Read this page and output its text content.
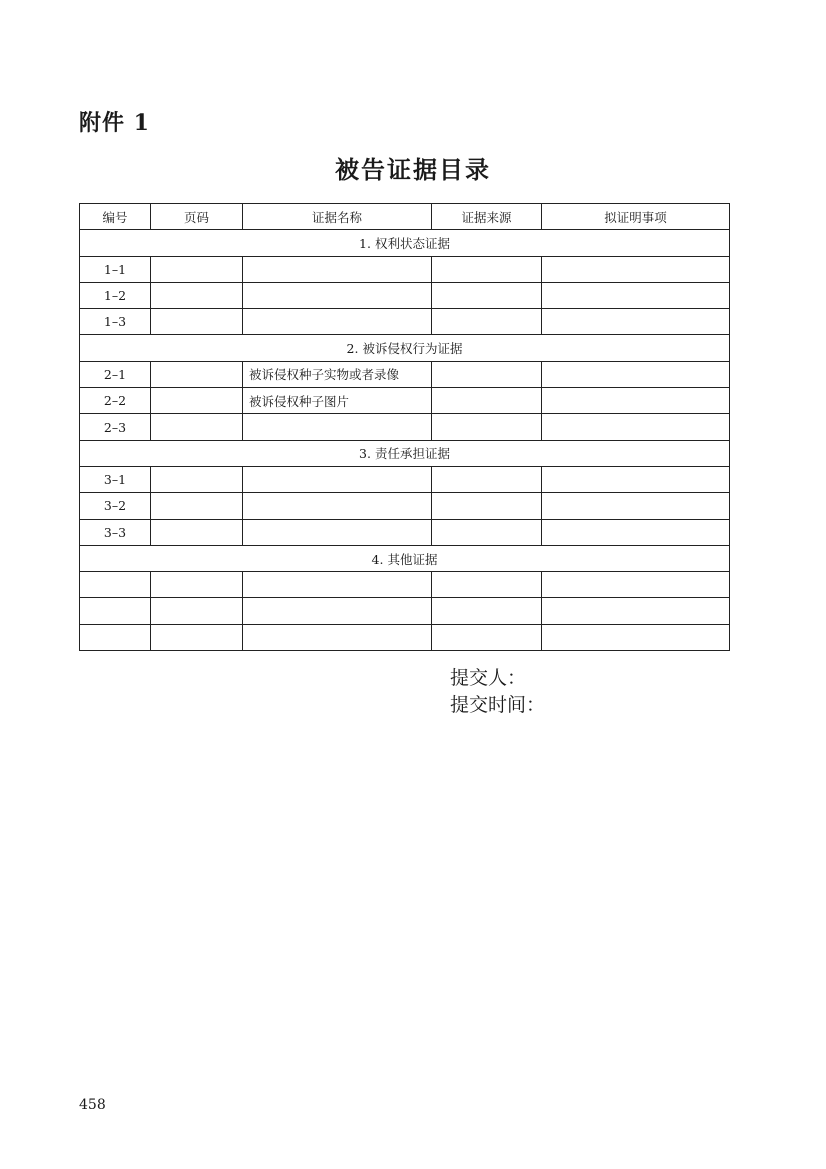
附件 1
被告证据目录
编号	页码	证据名称	证据来源	拟证明事项
1. 权利状态证据				
1–1				
1–2				
1–3				
2. 被诉侵权行为证据				
2–1		被诉侵权种子实物或者录像		
2–2		被诉侵权种子图片		
2–3				
3. 责任承担证据				
3–1				
3–2				
3–3				
4. 其他证据				

提交人：
提交时间：
458
